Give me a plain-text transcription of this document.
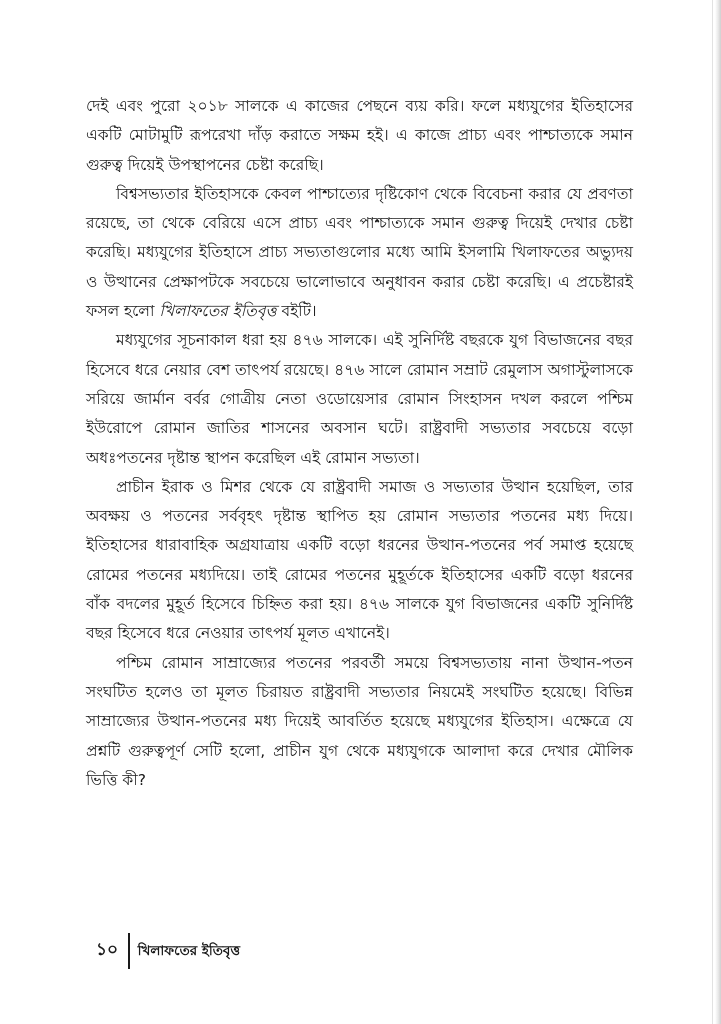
দেই এবং পুরো ২০১৮ সালকে এ কাজের পেছনে ব্যয় করি। ফলে মধ্যযুগের ইতিহাসের একটি মোটামুটি রূপরেখা দাঁড় করাতে সক্ষম হই। এ কাজে প্রাচ্য এবং পাশ্চাত্যকে সমান গুরুত্ব দিয়েই উপস্থাপনের চেষ্টা করেছি।

বিশ্বসভ্যতার ইতিহাসকে কেবল পাশ্চাত্যের দৃষ্টিকোণ থেকে বিবেচনা করার যে প্রবণতা রয়েছে, তা থেকে বেরিয়ে এসে প্রাচ্য এবং পাশ্চাত্যকে সমান গুরুত্ব দিয়েই দেখার চেষ্টা করেছি। মধ্যযুগের ইতিহাসে প্রাচ্য সভ্যতাগুলোর মধ্যে আমি ইসলামি খিলাফতের অভ্যুদয় ও উত্থানের প্রেক্ষাপটকে সবচেয়ে ভালোভাবে অনুধাবন করার চেষ্টা করেছি। এ প্রচেষ্টারই ফসল হলো খিলাফতের ইতিবৃত্ত বইটি।

মধ্যযুগের সূচনাকাল ধরা হয় ৪৭৬ সালকে। এই সুনির্দিষ্ট বছরকে যুগ বিভাজনের বছর হিসেবে ধরে নেয়ার বেশ তাৎপর্য রয়েছে। ৪৭৬ সালে রোমান সম্রাট রেমুলাস অগাস্টুলাসকে সরিয়ে জার্মান বর্বর গোত্রীয় নেতা ওডোয়েসার রোমান সিংহাসন দখল করলে পশ্চিম ইউরোপে রোমান জাতির শাসনের অবসান ঘটে। রাষ্ট্রবাদী সভ্যতার সবচেয়ে বড়ো অধঃপতনের দৃষ্টান্ত স্থাপন করেছিল এই রোমান সভ্যতা।

প্রাচীন ইরাক ও মিশর থেকে যে রাষ্ট্রবাদী সমাজ ও সভ্যতার উত্থান হয়েছিল, তার অবক্ষয় ও পতনের সর্ববৃহৎ দৃষ্টান্ত স্থাপিত হয় রোমান সভ্যতার পতনের মধ্য দিয়ে। ইতিহাসের ধারাবাহিক অগ্রযাত্রায় একটি বড়ো ধরনের উত্থান-পতনের পর্ব সমাপ্ত হয়েছে রোমের পতনের মধ্যদিয়ে। তাই রোমের পতনের মুহূর্তকে ইতিহাসের একটি বড়ো ধরনের বাঁক বদলের মুহূর্ত হিসেবে চিহ্নিত করা হয়। ৪৭৬ সালকে যুগ বিভাজনের একটি সুনির্দিষ্ট বছর হিসেবে ধরে নেওয়ার তাৎপর্য মূলত এখানেই।

পশ্চিম রোমান সাম্রাজ্যের পতনের পরবর্তী সময়ে বিশ্বসভ্যতায় নানা উত্থান-পতন সংঘটিত হলেও তা মূলত চিরায়ত রাষ্ট্রবাদী সভ্যতার নিয়মেই সংঘটিত হয়েছে। বিভিন্ন সাম্রাজ্যের উত্থান-পতনের মধ্য দিয়েই আবর্তিত হয়েছে মধ্যযুগের ইতিহাস। এক্ষেত্রে যে প্রশ্নটি গুরুত্বপূর্ণ সেটি হলো, প্রাচীন যুগ থেকে মধ্যযুগকে আলাদা করে দেখার মৌলিক ভিত্তি কী?

১০	খিলাফতের ইতিবৃত্ত
